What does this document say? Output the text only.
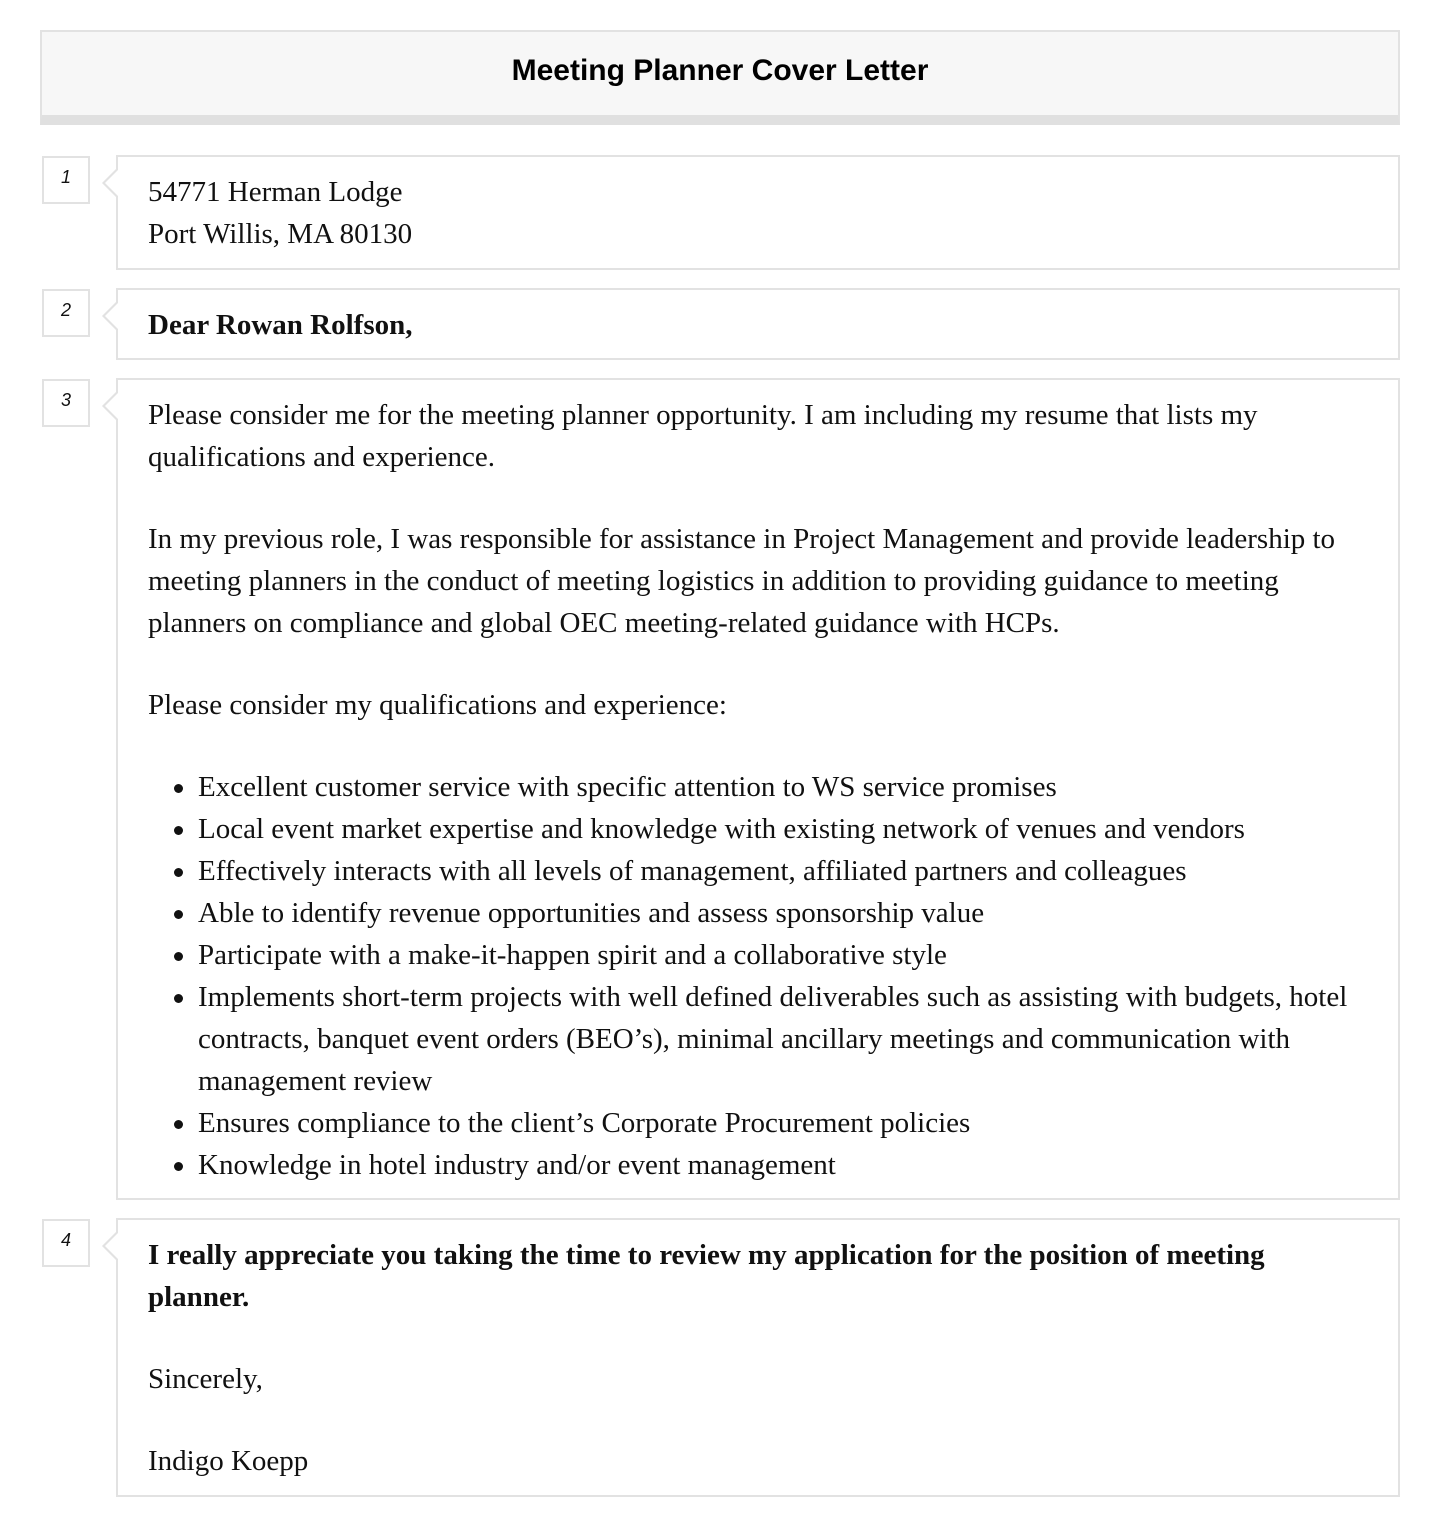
Meeting Planner Cover Letter
1	54771 Herman Lodge
Port Willis, MA 80130
2	Dear Rowan Rolfson,
3	Please consider me for the meeting planner opportunity. I am including my resume that lists my qualifications and experience.
In my previous role, I was responsible for assistance in Project Management and provide leadership to meeting planners in the conduct of meeting logistics in addition to providing guidance to meeting planners on compliance and global OEC meeting-related guidance with HCPs.
Please consider my qualifications and experience:
Excellent customer service with specific attention to WS service promises
Local event market expertise and knowledge with existing network of venues and vendors
Effectively interacts with all levels of management, affiliated partners and colleagues
Able to identify revenue opportunities and assess sponsorship value
Participate with a make-it-happen spirit and a collaborative style
Implements short-term projects with well defined deliverables such as assisting with budgets, hotel contracts, banquet event orders (BEO’s), minimal ancillary meetings and communication with management review
Ensures compliance to the client’s Corporate Procurement policies
Knowledge in hotel industry and/or event management
4	I really appreciate you taking the time to review my application for the position of meeting planner.
Sincerely,
Indigo Koepp
